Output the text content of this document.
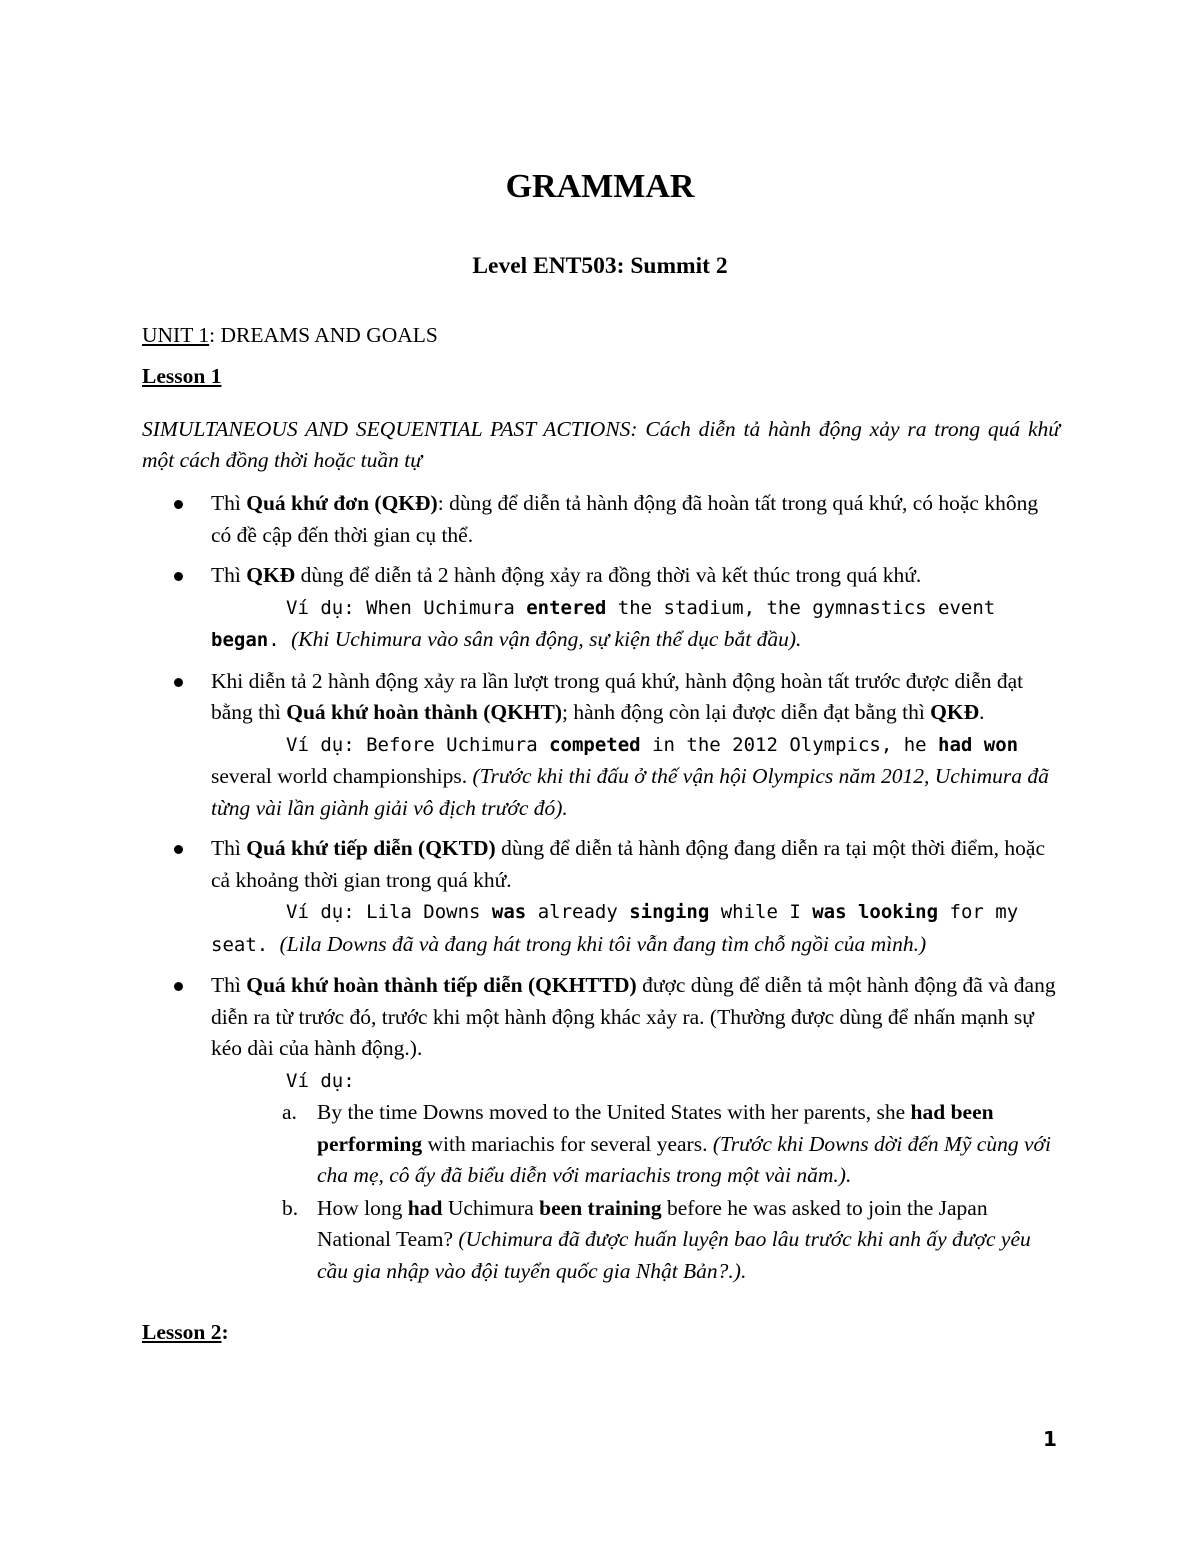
GRAMMAR
Level ENT503: Summit 2

UNIT 1: DREAMS AND GOALS

Lesson 1

SIMULTANEOUS AND SEQUENTIAL PAST ACTIONS: Cách diễn tả hành động xảy ra trong quá khứ một cách đồng thời hoặc tuần tự

Thì Quá khứ đơn (QKĐ): dùng để diễn tả hành động đã hoàn tất trong quá khứ, có hoặc không có đề cập đến thời gian cụ thể.
Thì QKĐ dùng để diễn tả 2 hành động xảy ra đồng thời và kết thúc trong quá khứ.
Ví dụ: When Uchimura entered the stadium, the gymnastics event began. (Khi Uchimura vào sân vận động, sự kiện thể dục bắt đầu).
Khi diễn tả 2 hành động xảy ra lần lượt trong quá khứ, hành động hoàn tất trước được diễn đạt bằng thì Quá khứ hoàn thành (QKHT); hành động còn lại được diễn đạt bằng thì QKĐ.
Ví dụ: Before Uchimura competed in the 2012 Olympics, he had won several world championships. (Trước khi thi đấu ở thế vận hội Olympics năm 2012, Uchimura đã từng vài lần giành giải vô địch trước đó).
Thì Quá khứ tiếp diễn (QKTD) dùng để diễn tả hành động đang diễn ra tại một thời điểm, hoặc cả khoảng thời gian trong quá khứ.
Ví dụ: Lila Downs was already singing while I was looking for my seat. (Lila Downs đã và đang hát trong khi tôi vẫn đang tìm chỗ ngồi của mình.)
Thì Quá khứ hoàn thành tiếp diễn (QKHTTD) được dùng để diễn tả một hành động đã và đang diễn ra từ trước đó, trước khi một hành động khác xảy ra. (Thường được dùng để nhấn mạnh sự kéo dài của hành động.).
Ví dụ:
a. By the time Downs moved to the United States with her parents, she had been performing with mariachis for several years. (Trước khi Downs dời đến Mỹ cùng với cha mẹ, cô ấy đã biểu diễn với mariachis trong một vài năm.).
b. How long had Uchimura been training before he was asked to join the Japan National Team? (Uchimura đã được huấn luyện bao lâu trước khi anh ấy được yêu cầu gia nhập vào đội tuyển quốc gia Nhật Bản?.).

Lesson 2:

1
